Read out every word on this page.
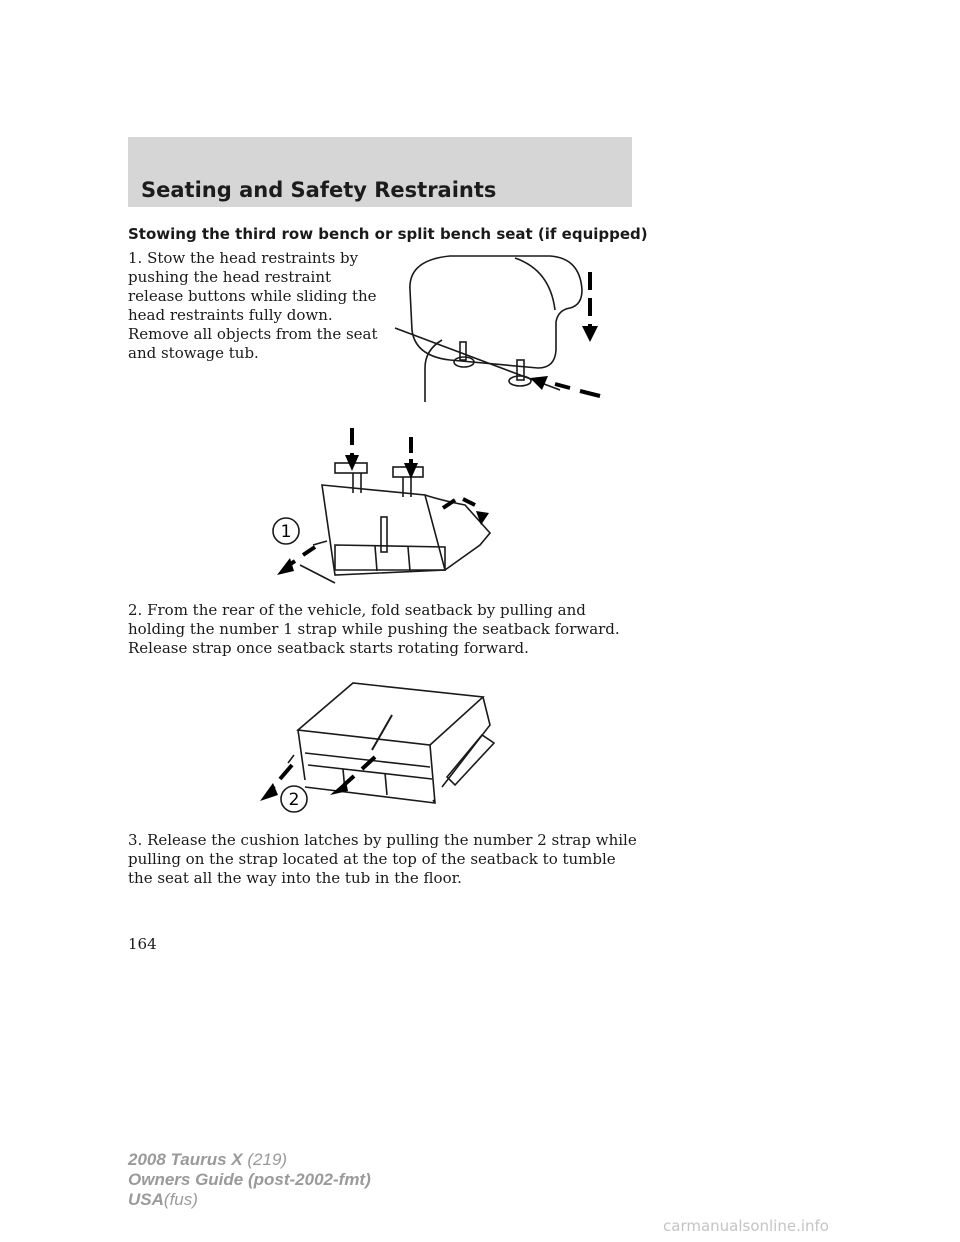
Seating and Safety Restraints
Stowing the third row bench or split bench seat (if equipped)
1. Stow the head restraints by pushing the head restraint release buttons while sliding the head restraints fully down. Remove all objects from the seat and stowage tub.
1
2. From the rear of the vehicle, fold seatback by pulling and holding the number 1 strap while pushing the seatback forward. Release strap once seatback starts rotating forward.
2
3. Release the cushion latches by pulling the number 2 strap while pulling on the strap located at the top of the seatback to tumble the seat all the way into the tub in the floor.
164
2008 Taurus X (219)
Owners Guide (post-2002-fmt)
USA(fus)
carmanualsonline.info
